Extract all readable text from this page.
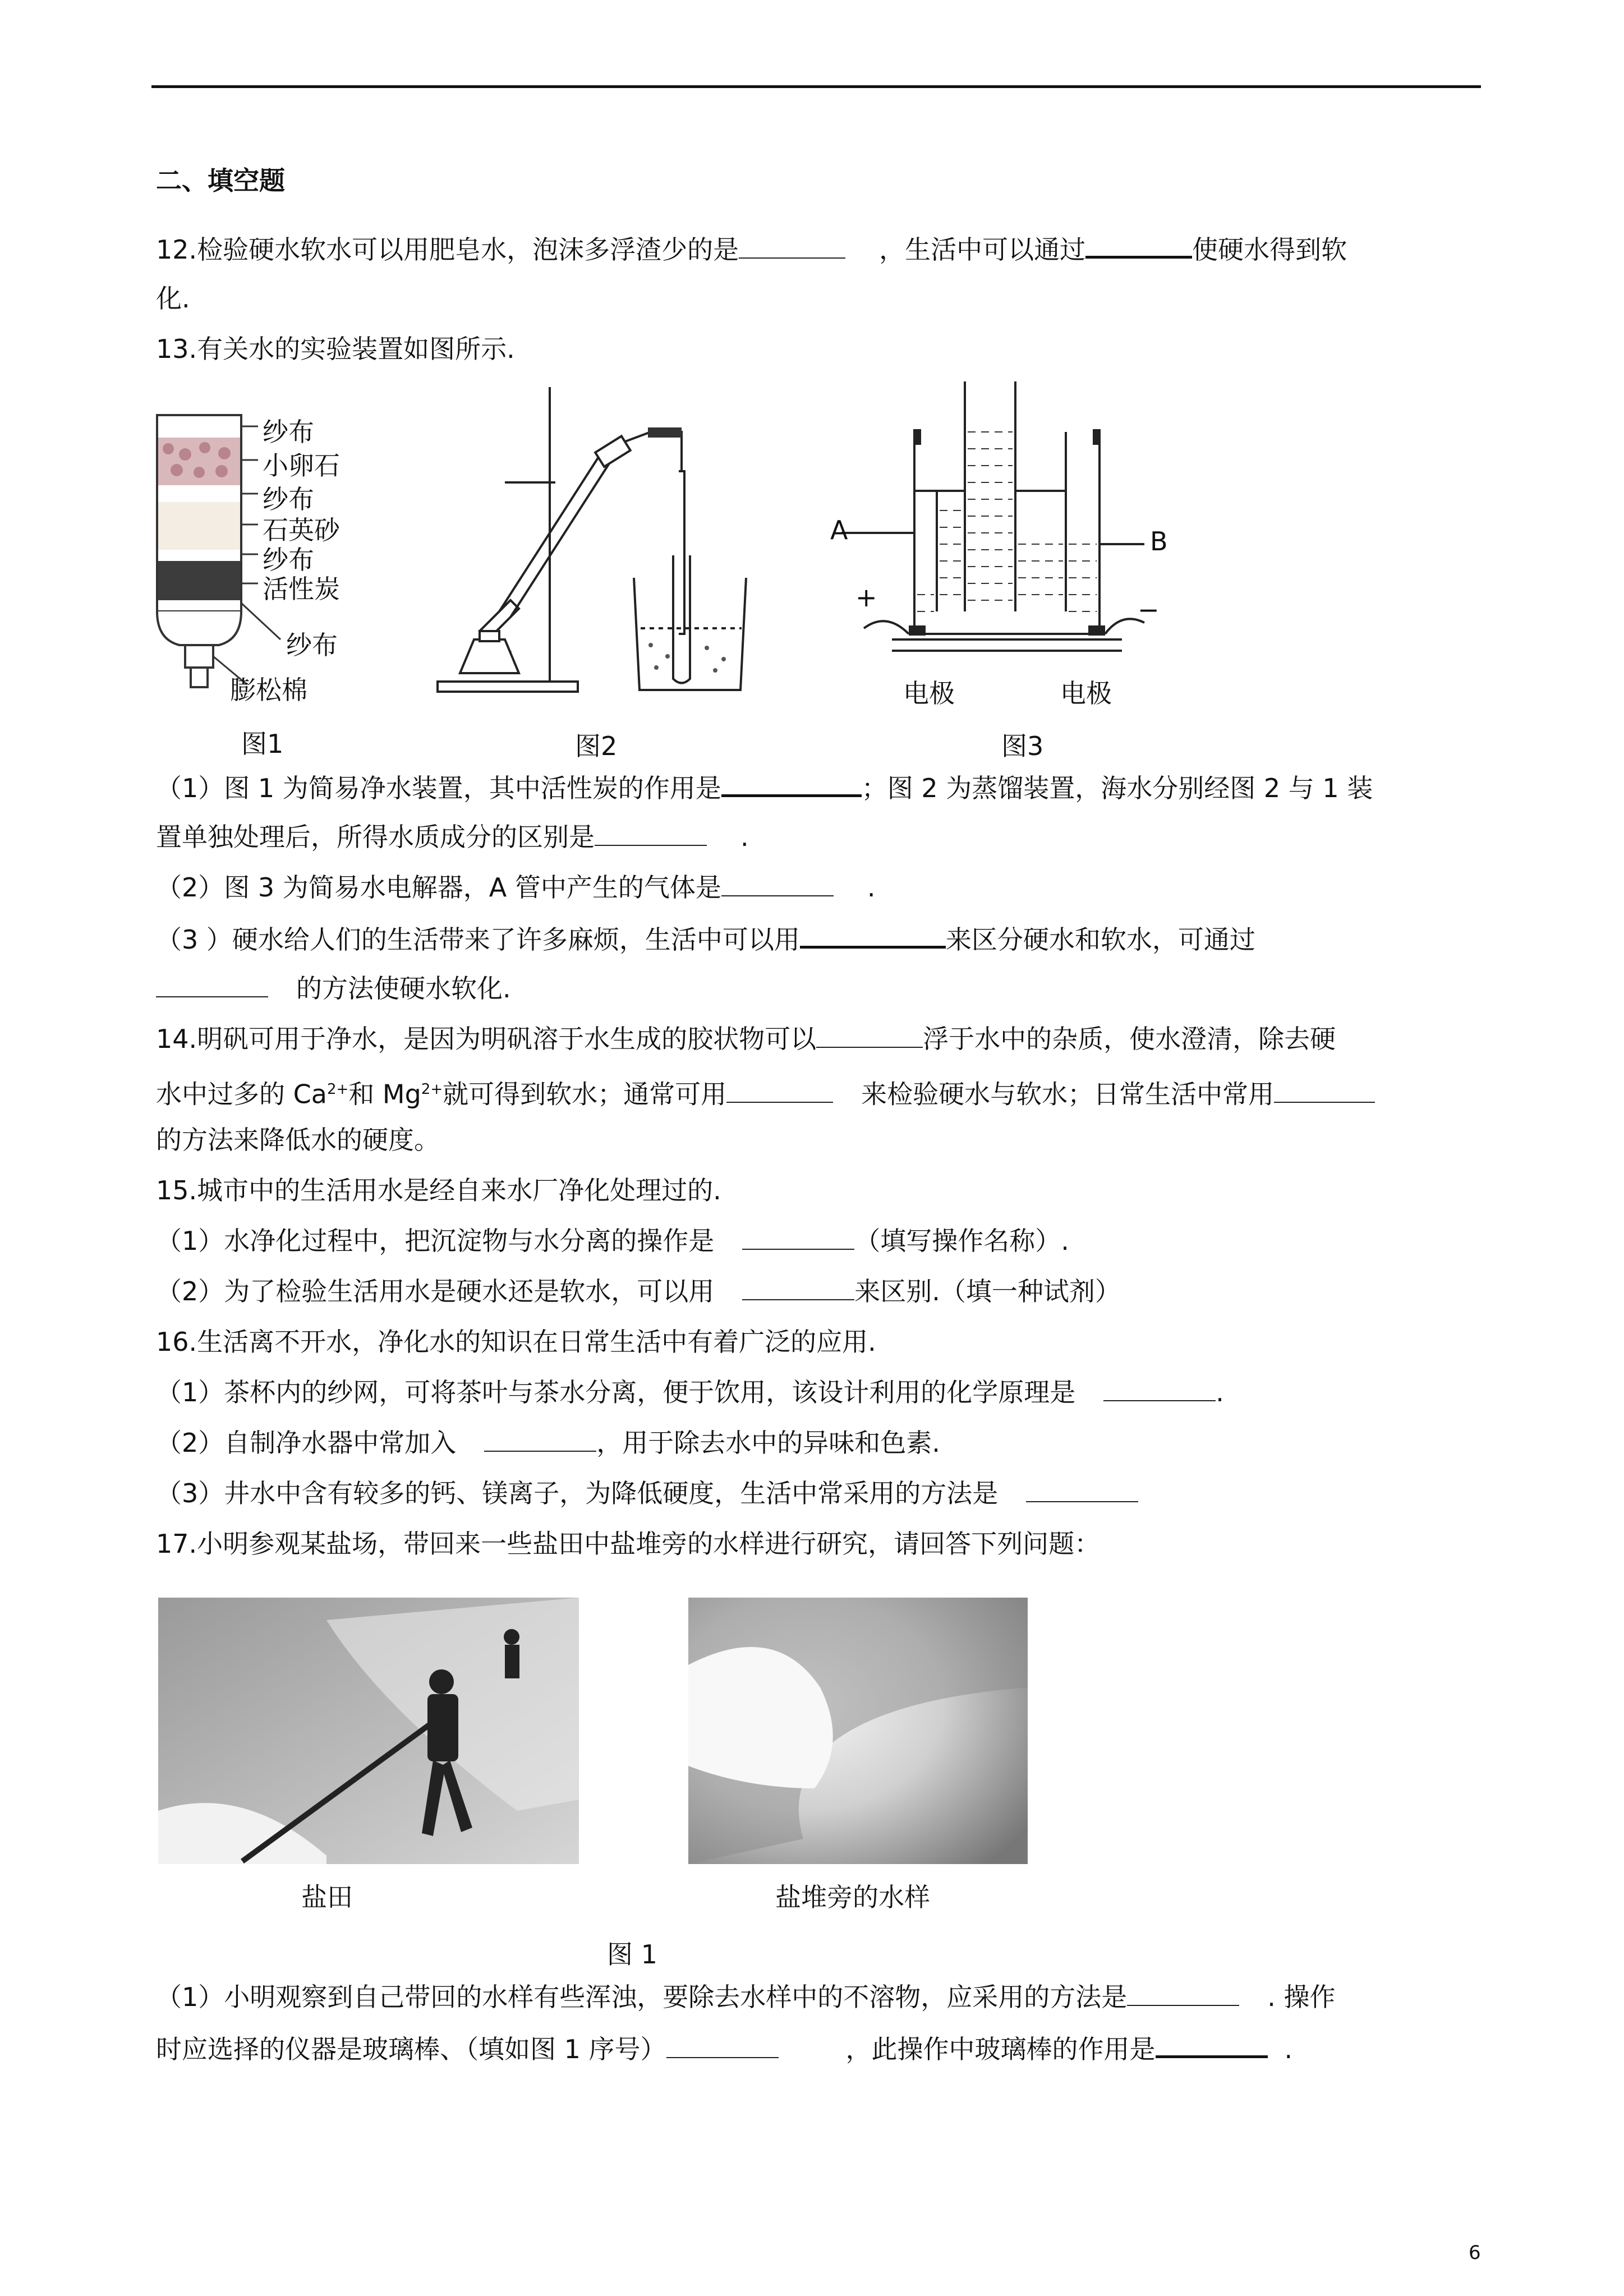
二、填空题
12.检验硬水软水可以用肥皂水，泡沫多浮渣少的是	，生活中可以通过	使硬水得到软
化.
13.有关水的实验装置如图所示.
纱布
小卵石
纱布
石英砂
纱布
活性炭
纱布
膨松棉
图1	图2
A	B
+	−
电极	电极
图3
（1）图 1 为简易净水装置，其中活性炭的作用是	；图 2 为蒸馏装置，海水分别经图 2 与 1 装
置单独处理后，所得水质成分的区别是	.
（2）图 3 为简易水电解器，A 管中产生的气体是	.
（3 ）硬水给人们的生活带来了许多麻烦，生活中可以用	来区分硬水和软水，可通过
的方法使硬水软化.
14.明矾可用于净水，是因为明矾溶于水生成的胶状物可以	浮于水中的杂质，使水澄清，除去硬
水中过多的 $Ca^{2+}$和 $Mg^{2+}$就可得到软水；通常可用	来检验硬水与软水；日常生活中常用
的方法来降低水的硬度。
15.城市中的生活用水是经自来水厂净化处理过的.
（1）水净化过程中，把沉淀物与水分离的操作是	（填写操作名称）.
（2）为了检验生活用水是硬水还是软水，可以用	来区别.（填一种试剂）
16.生活离不开水，净化水的知识在日常生活中有着广泛的应用.
（1）茶杯内的纱网，可将茶叶与茶水分离，便于饮用，该设计利用的化学原理是	.
（2）自制净水器中常加入	，用于除去水中的异味和色素.
（3）井水中含有较多的钙、镁离子，为降低硬度，生活中常采用的方法是
17.小明参观某盐场，带回来一些盐田中盐堆旁的水样进行研究，请回答下列问题：
盐田	盐堆旁的水样
图 1
（1）小明观察到自己带回的水样有些浑浊，要除去水样中的不溶物，应采用的方法是	. 操作
时应选择的仪器是玻璃棒、（填如图 1 序号）	，此操作中玻璃棒的作用是	.
6
